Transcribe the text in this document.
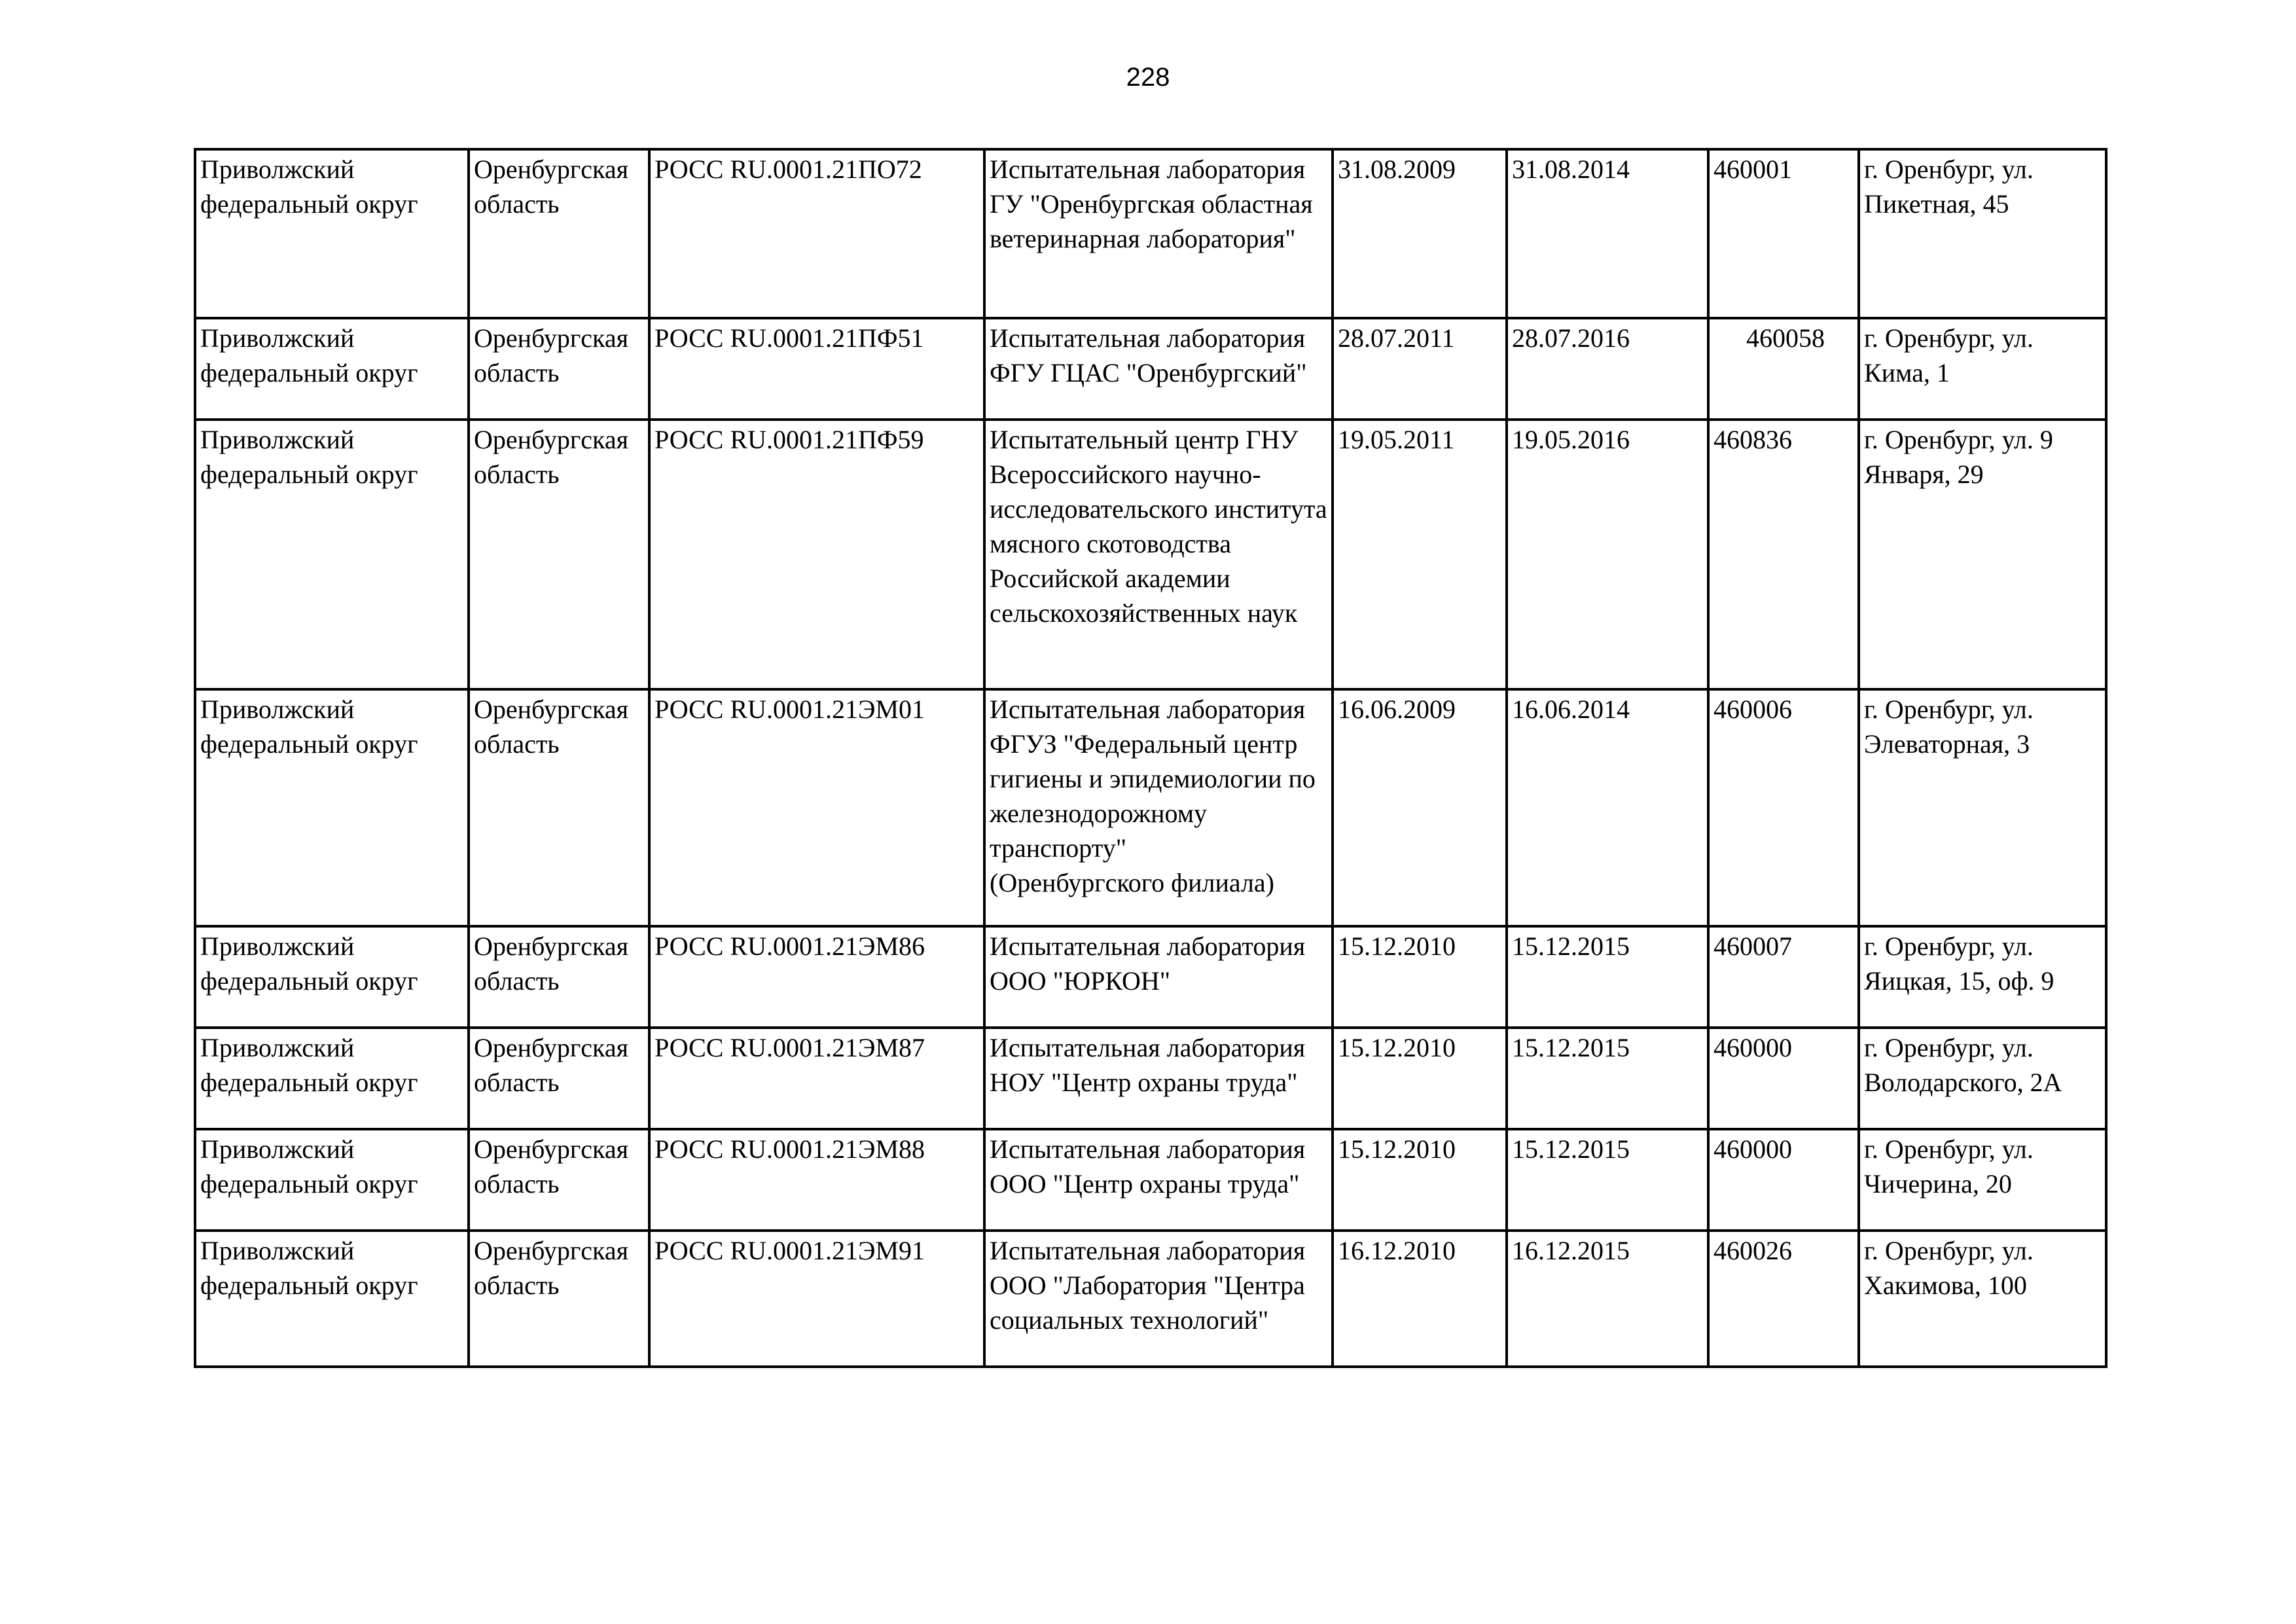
228
Приволжский федеральный округ	Оренбургская область	РОСС RU.0001.21ПО72	Испытательная лаборатория ГУ "Оренбургская областная ветеринарная лаборатория"	31.08.2009	31.08.2014	460001	г. Оренбург, ул. Пикетная, 45
Приволжский федеральный округ	Оренбургская область	РОСС RU.0001.21ПФ51	Испытательная лаборатория ФГУ ГЦАС "Оренбургский"	28.07.2011	28.07.2016	460058	г. Оренбург, ул. Кима, 1
Приволжский федеральный округ	Оренбургская область	РОСС RU.0001.21ПФ59	Испытательный центр ГНУ Всероссийского научно-исследовательского института мясного скотоводства Российской академии сельскохозяйственных наук	19.05.2011	19.05.2016	460836	г. Оренбург, ул. 9 Января, 29
Приволжский федеральный округ	Оренбургская область	РОСС RU.0001.21ЭМ01	Испытательная лаборатория ФГУЗ "Федеральный центр гигиены и эпидемиологии по железнодорожному транспорту"
(Оренбургского филиала)	16.06.2009	16.06.2014	460006	г. Оренбург, ул. Элеваторная, 3
Приволжский федеральный округ	Оренбургская область	РОСС RU.0001.21ЭМ86	Испытательная лаборатория ООО "ЮРКОН"	15.12.2010	15.12.2015	460007	г. Оренбург, ул. Яицкая, 15, оф. 9
Приволжский федеральный округ	Оренбургская область	РОСС RU.0001.21ЭМ87	Испытательная лаборатория НОУ "Центр охраны труда"	15.12.2010	15.12.2015	460000	г. Оренбург, ул. Володарского, 2А
Приволжский федеральный округ	Оренбургская область	РОСС RU.0001.21ЭМ88	Испытательная лаборатория ООО "Центр охраны труда"	15.12.2010	15.12.2015	460000	г. Оренбург, ул. Чичерина, 20
Приволжский федеральный округ	Оренбургская область	РОСС RU.0001.21ЭМ91	Испытательная лаборатория ООО "Лаборатория "Центра социальных технологий"	16.12.2010	16.12.2015	460026	г. Оренбург, ул. Хакимова, 100
